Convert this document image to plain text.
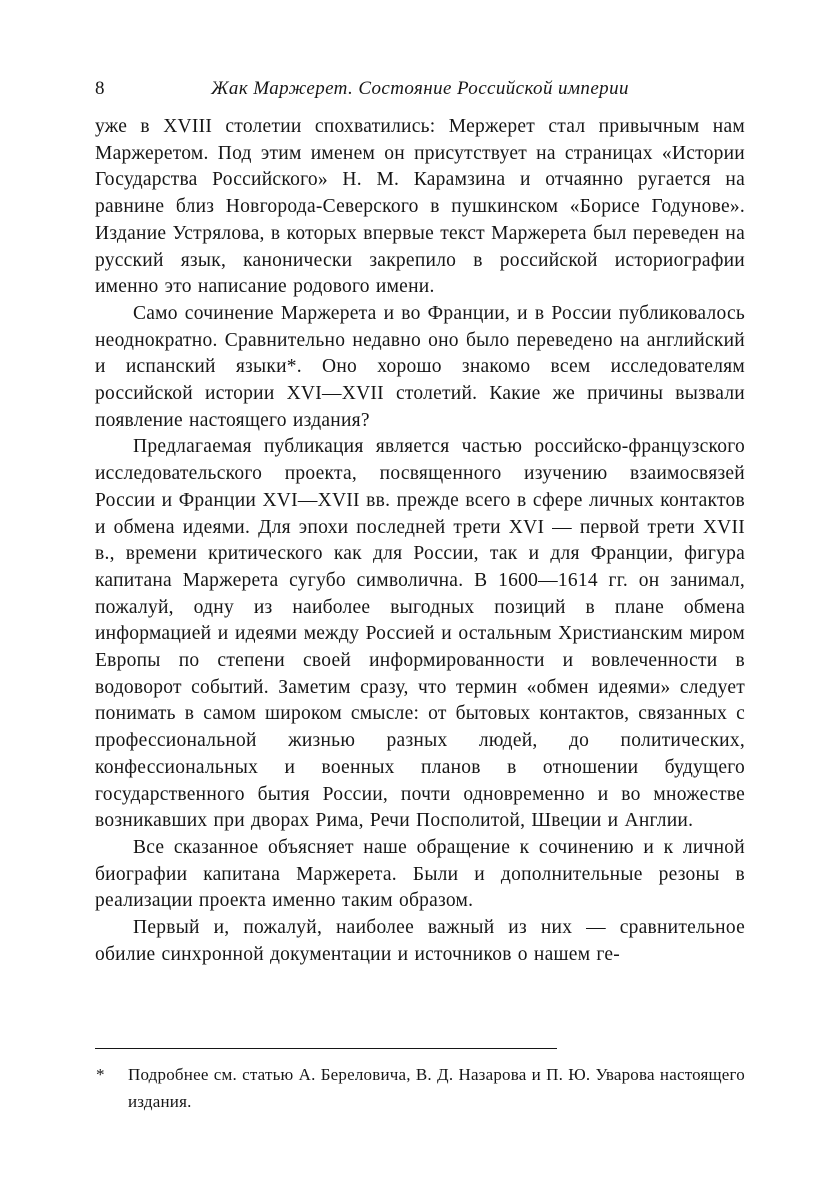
8	Жак Маржерет. Состояние Российской империи

уже в XVIII столетии спохватились: Мержерет стал привычным нам Маржеретом. Под этим именем он присутствует на страницах «Истории Государства Российского» Н. М. Карамзина и отчаянно ругается на равнине близ Новгорода-Северского в пушкинском «Борисе Годунове». Издание Устрялова, в которых впервые текст Маржерета был переведен на русский язык, канонически закрепило в российской историографии именно это написание родового имени.

Само сочинение Маржерета и во Франции, и в России публиковалось неоднократно. Сравнительно недавно оно было переведено на английский и испанский языки*. Оно хорошо знакомо всем исследователям российской истории XVI—XVII столетий. Какие же причины вызвали появление настоящего издания?

Предлагаемая публикация является частью российско-французского исследовательского проекта, посвященного изучению взаимосвязей России и Франции XVI—XVII вв. прежде всего в сфере личных контактов и обмена идеями. Для эпохи последней трети XVI — первой трети XVII в., времени критического как для России, так и для Франции, фигура капитана Маржерета сугубо символична. В 1600—1614 гг. он занимал, пожалуй, одну из наиболее выгодных позиций в плане обмена информацией и идеями между Россией и остальным Христианским миром Европы по степени своей информированности и вовлеченности в водоворот событий. Заметим сразу, что термин «обмен идеями» следует понимать в самом широком смысле: от бытовых контактов, связанных с профессиональной жизнью разных людей, до политических, конфессиональных и военных планов в отношении будущего государственного бытия России, почти одновременно и во множестве возникавших при дворах Рима, Речи Посполитой, Швеции и Англии.

Все сказанное объясняет наше обращение к сочинению и к личной биографии капитана Маржерета. Были и дополнительные резоны в реализации проекта именно таким образом.

Первый и, пожалуй, наиболее важный из них — сравнительное обилие синхронной документации и источников о нашем ге-

* Подробнее см. статью А. Береловича, В. Д. Назарова и П. Ю. Уварова настоящего издания.
